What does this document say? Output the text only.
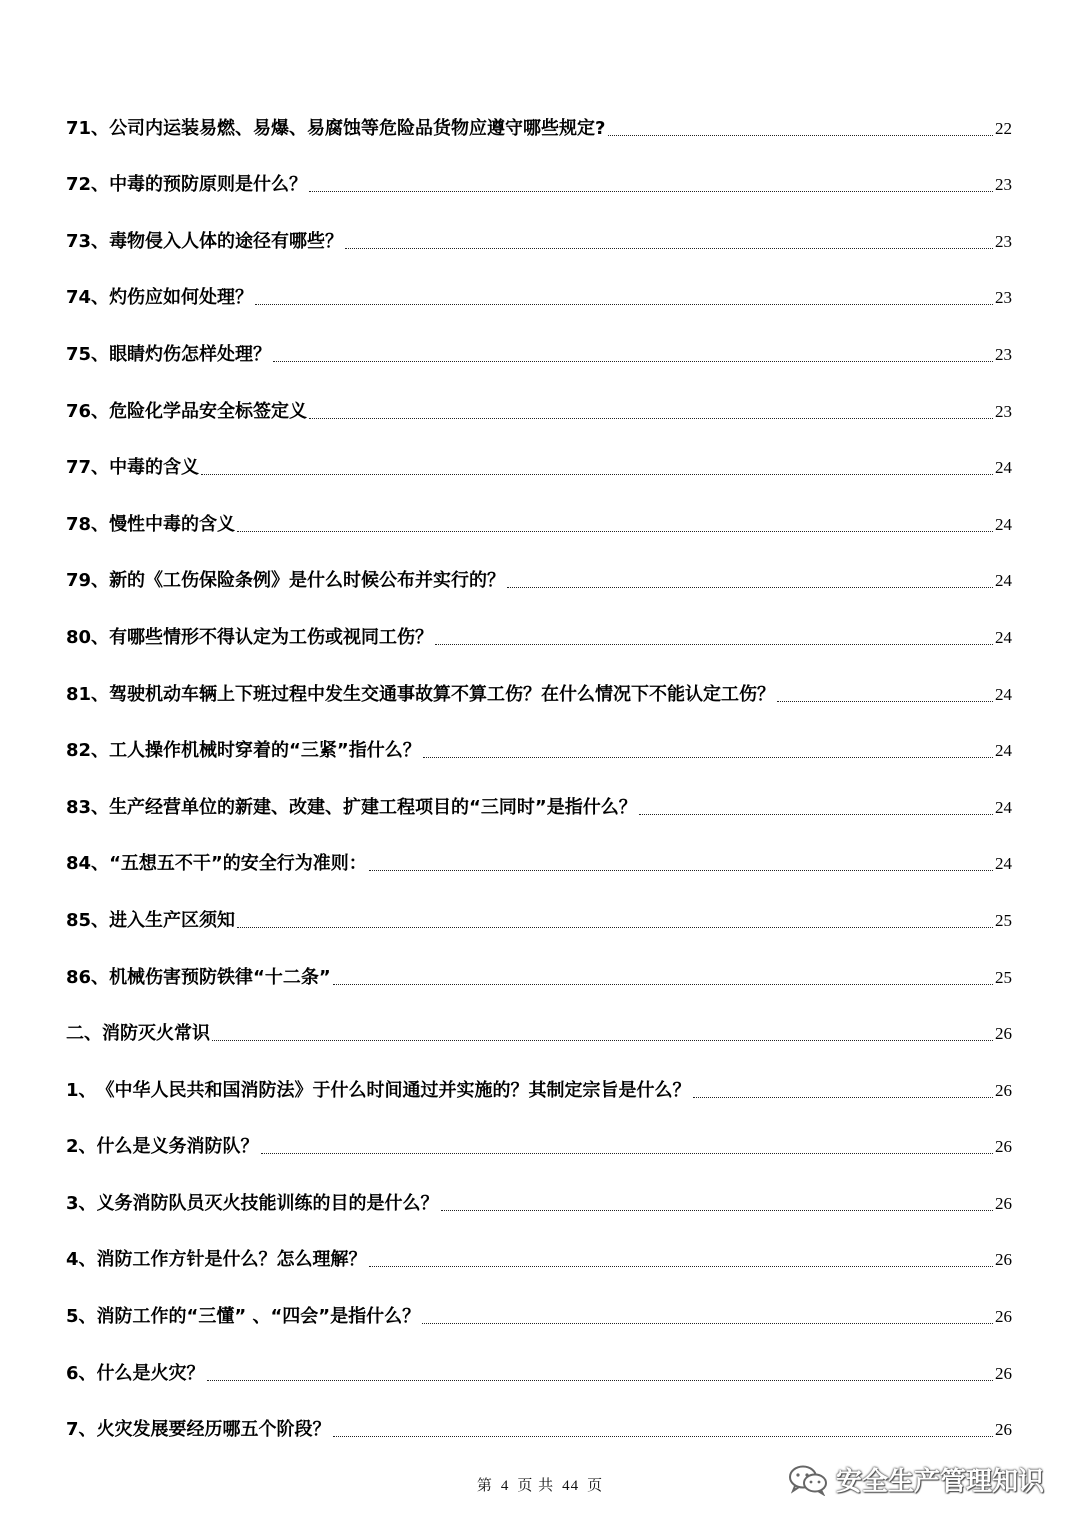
71、 公司内运装易燃、易爆、易腐蚀等危险品货物应遵守哪些规定?	22
72、 中毒的预防原则是什么？	23
73、 毒物侵入人体的途径有哪些？	23
74、 灼伤应如何处理？	23
75、 眼睛灼伤怎样处理？	23
76、 危险化学品安全标签定义	23
77、 中毒的含义	24
78、 慢性中毒的含义	24
79、 新的《工伤保险条例》是什么时候公布并实行的？	24
80、 有哪些情形不得认定为工伤或视同工伤？	24
81、 驾驶机动车辆上下班过程中发生交通事故算不算工伤？在什么情况下不能认定工伤？	24
82、 工人操作机械时穿着的“三紧”指什么？	24
83、 生产经营单位的新建、改建、扩建工程项目的“三同时”是指什么？	24
84、 “五想五不干”的安全行为准则：	24
85、 进入生产区须知	25
86、 机械伤害预防铁律“十二条”	25
二、 消防灭火常识	26
1、 《中华人民共和国消防法》于什么时间通过并实施的？其制定宗旨是什么？	26
2、 什么是义务消防队？	26
3、 义务消防队员灭火技能训练的目的是什么？	26
4、 消防工作方针是什么？怎么理解？	26
5、 消防工作的“三懂” 、“四会”是指什么？	26
6、 什么是火灾？	26
7、 火灾发展要经历哪五个阶段？	26
第 4 页 共 44 页	安全生产管理知识
